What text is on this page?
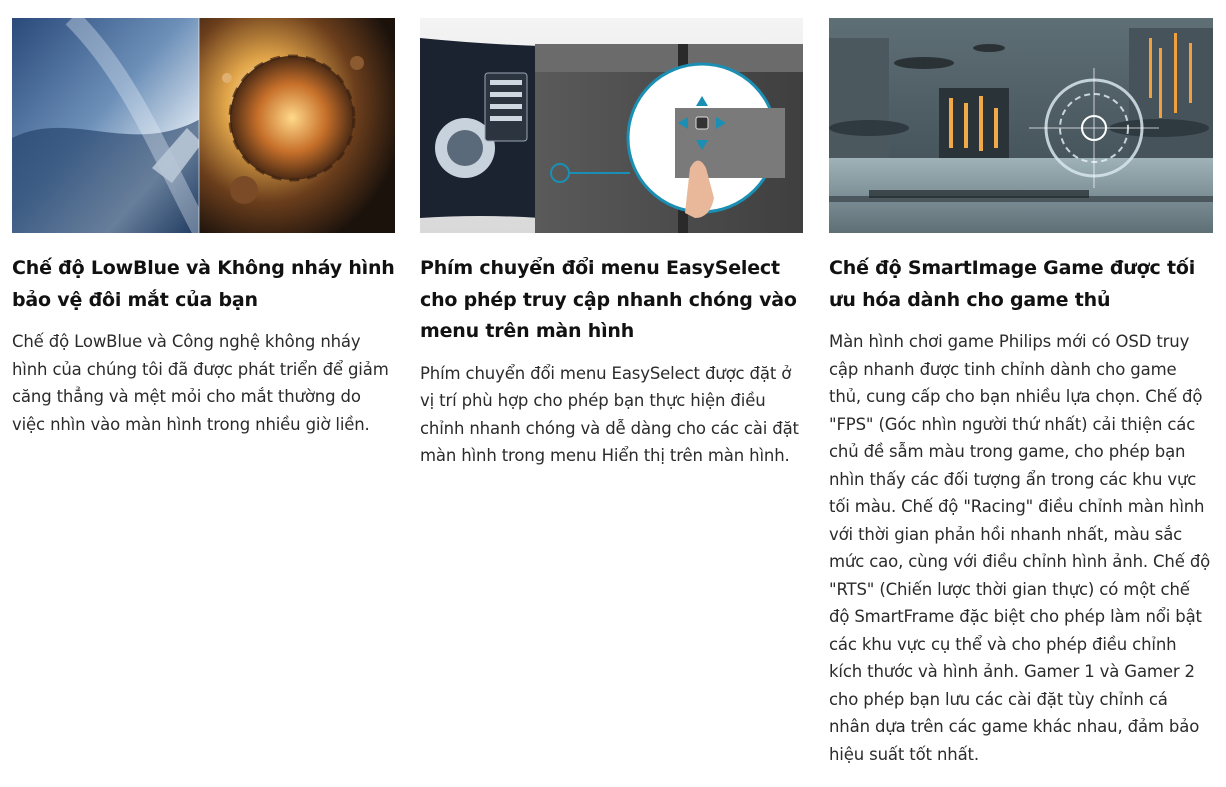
Chế độ LowBlue và Không nháy hình bảo vệ đôi mắt của bạn
Chế độ LowBlue và Công nghệ không nháy hình của chúng tôi đã được phát triển để giảm căng thẳng và mệt mỏi cho mắt thường do việc nhìn vào màn hình trong nhiều giờ liền.
Phím chuyển đổi menu EasySelect cho phép truy cập nhanh chóng vào menu trên màn hình
Phím chuyển đổi menu EasySelect được đặt ở vị trí phù hợp cho phép bạn thực hiện điều chỉnh nhanh chóng và dễ dàng cho các cài đặt màn hình trong menu Hiển thị trên màn hình.
Chế độ SmartImage Game được tối ưu hóa dành cho game thủ
Màn hình chơi game Philips mới có OSD truy cập nhanh được tinh chỉnh dành cho game thủ, cung cấp cho bạn nhiều lựa chọn. Chế độ "FPS" (Góc nhìn người thứ nhất) cải thiện các chủ đề sẫm màu trong game, cho phép bạn nhìn thấy các đối tượng ẩn trong các khu vực tối màu. Chế độ "Racing" điều chỉnh màn hình với thời gian phản hồi nhanh nhất, màu sắc mức cao, cùng với điều chỉnh hình ảnh. Chế độ "RTS" (Chiến lược thời gian thực) có một chế độ SmartFrame đặc biệt cho phép làm nổi bật các khu vực cụ thể và cho phép điều chỉnh kích thước và hình ảnh. Gamer 1 và Gamer 2 cho phép bạn lưu các cài đặt tùy chỉnh cá nhân dựa trên các game khác nhau, đảm bảo hiệu suất tốt nhất.
